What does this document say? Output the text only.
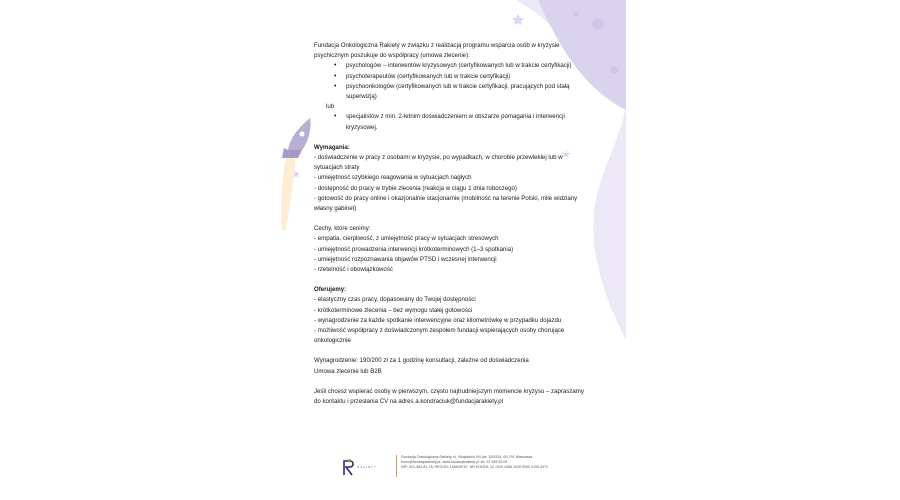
Fundacja Onkologiczna Rakiety w związku z realizacją programu wsparcia osób w kryzysie psychicznym poszukuje do współpracy (umowa zlecenie):

• psychologów – interwentów kryzysowych (certyfikowanych lub w trakcie certyfikacji)
• psychoterapeutów (certyfikowanych lub w trakcie certyfikacji)
• psychoonkologów (certyfikowanych lub w trakcie certyfikacji, pracujących pod stałą superwizją)

lub

• specjalistów z min. 2-letnim doświadczeniem w obszarze pomagania i interwencji kryzysowej.

Wymagania:

- doświadczenie w pracy z osobami w kryzysie, po wypadkach, w chorobie przewlekłej lub w sytuacjach straty

- umiejętność szybkiego reagowania w sytuacjach nagłych

- dostępność do pracy w trybie zlecenia (reakcja w ciągu 1 dnia roboczego)

- gotowość do pracy online i okazjonalnie stacjonarnie (mobilność na terenie Polski, mile widziany własny gabinet)

Cechy, które cenimy:

- empatia, cierpliwość, z umiejętność pracy w sytuacjach stresowych

- umiejętność prowadzenia interwencji krótkoterminowych (1–3 spotkania)

- umiejętność rozpoznawania objawów PTSD i wczesnej interwencji

- rzetelność i obowiązkowość

Oferujemy:

- elastyczny czas pracy, dopasowany do Twojej dostępności

- krótkoterminowe zlecenia – bez wymogu stałej gotowości

- wynagrodzenie za każde spotkanie interwencyjne oraz kilometrówkę w przypadku dojazdu

- możliwość współpracy z doświadczonym zespołem fundacji wspierających osoby chorujące onkologicznie

Wynagrodzenie: 190/200 zł za 1 godzinę konsultacji, zależne od doświadczenia

Umowa zlecenie lub B2B

Jeśli chcesz wspierać osoby w pierwszym, często najtrudniejszym momencie kryzysu – zapraszamy do kontaktu i przesłania CV na adres a.kondraciuk@fundacjarakiety.pl

RAKIETY
Fundacja Onkologiczna Rakiety, ul. Strąbskich 9/4 lok. 320/324, 00-791 Warszawa
biuro@fundacjarakiety.pl, www.fundacjarakiety.pl, tel. 22 399 09 09
NIP: 521-363-81-78, REGON: 146945757, NR KONTA: 12 1020 1055 1000 9090 0190 4372
